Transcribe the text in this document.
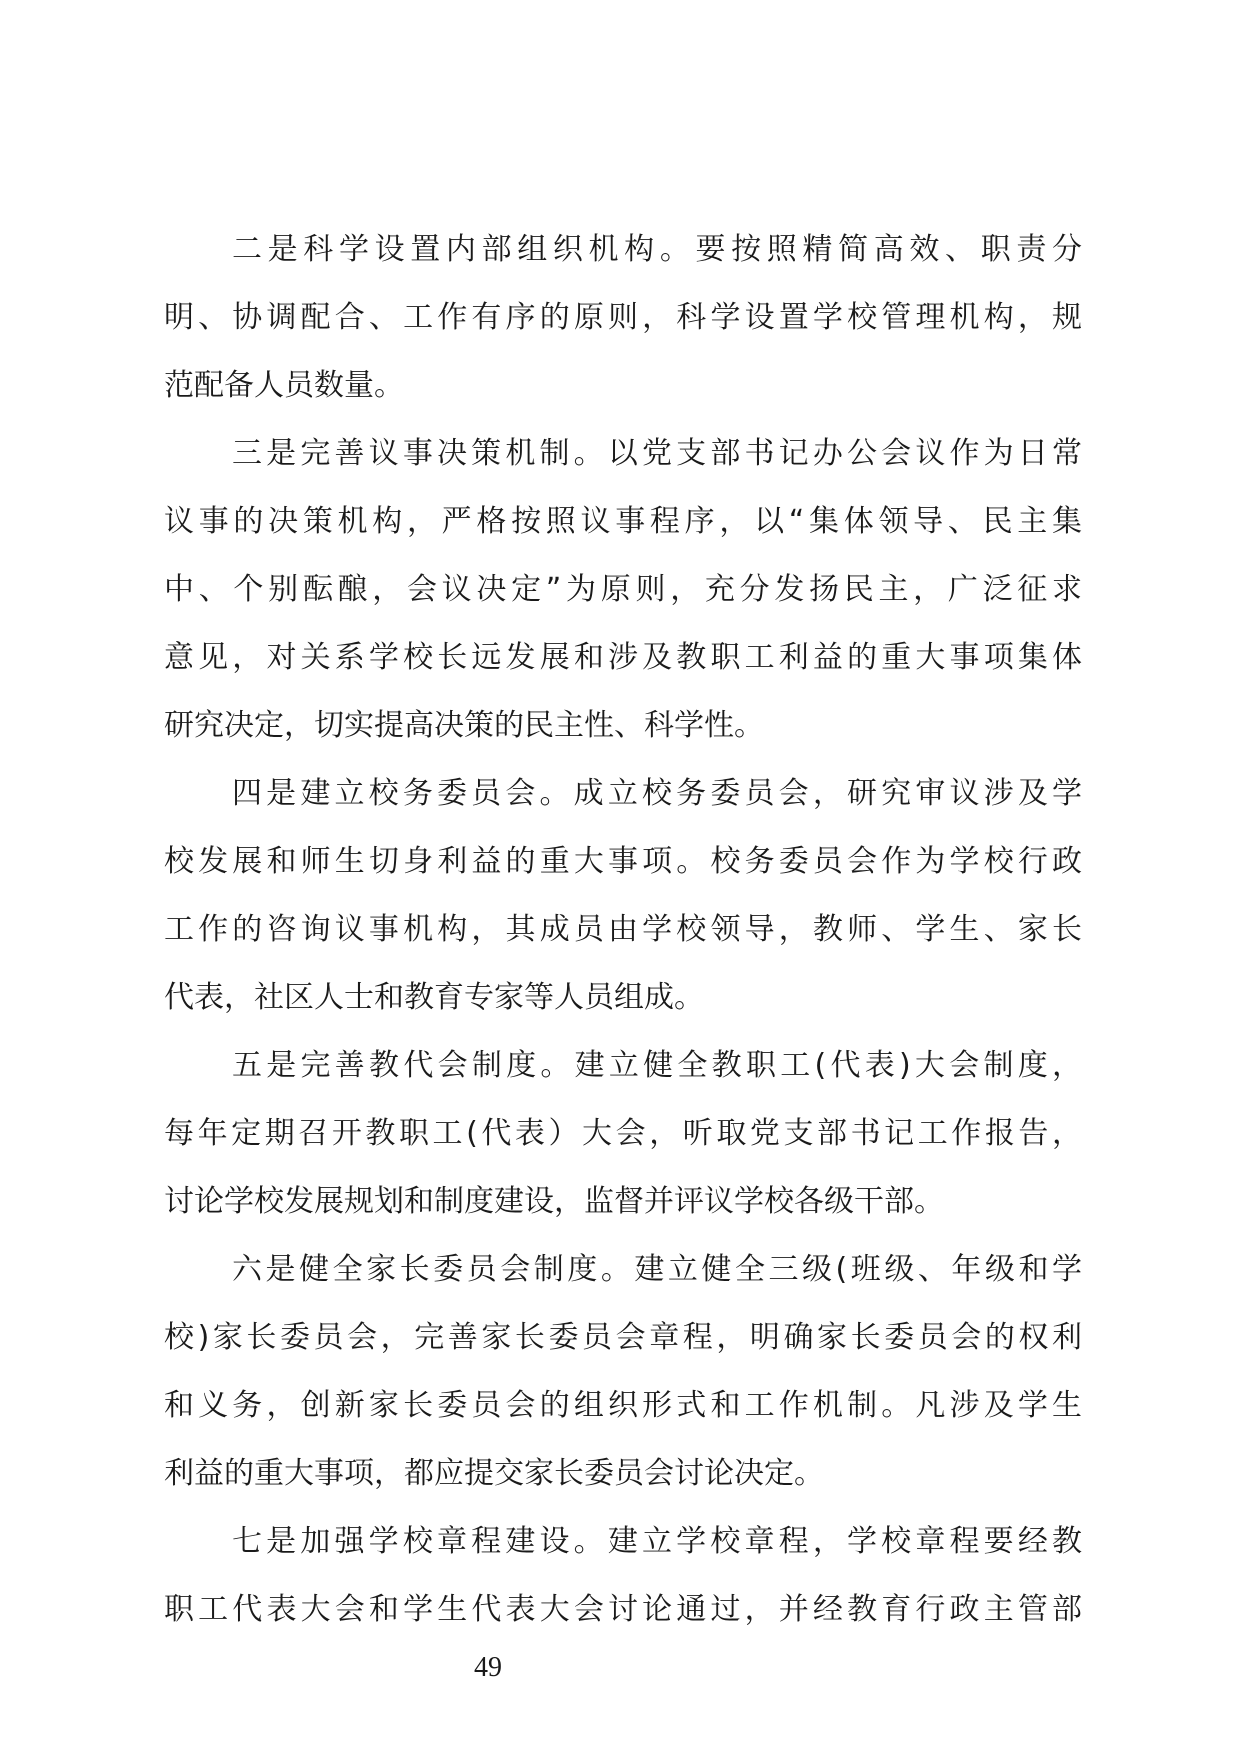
二是科学设置内部组织机构。要按照精简高效、职责分
明、协调配合、工作有序的原则，科学设置学校管理机构，规
范配备人员数量。
三是完善议事决策机制。以党支部书记办公会议作为日常
议事的决策机构，严格按照议事程序，以“集体领导、民主集
中、个别酝酿，会议决定”为原则，充分发扬民主，广泛征求
意见，对关系学校长远发展和涉及教职工利益的重大事项集体
研究决定，切实提高决策的民主性、科学性。
四是建立校务委员会。成立校务委员会，研究审议涉及学
校发展和师生切身利益的重大事项。校务委员会作为学校行政
工作的咨询议事机构，其成员由学校领导，教师、学生、家长
代表，社区人士和教育专家等人员组成。
五是完善教代会制度。建立健全教职工(代表)大会制度，
每年定期召开教职工(代表）大会，听取党支部书记工作报告，
讨论学校发展规划和制度建设，监督并评议学校各级干部。
六是健全家长委员会制度。建立健全三级(班级、年级和学
校)家长委员会，完善家长委员会章程，明确家长委员会的权利
和义务，创新家长委员会的组织形式和工作机制。凡涉及学生
利益的重大事项，都应提交家长委员会讨论决定。
七是加强学校章程建设。建立学校章程，学校章程要经教
职工代表大会和学生代表大会讨论通过，并经教育行政主管部
49
